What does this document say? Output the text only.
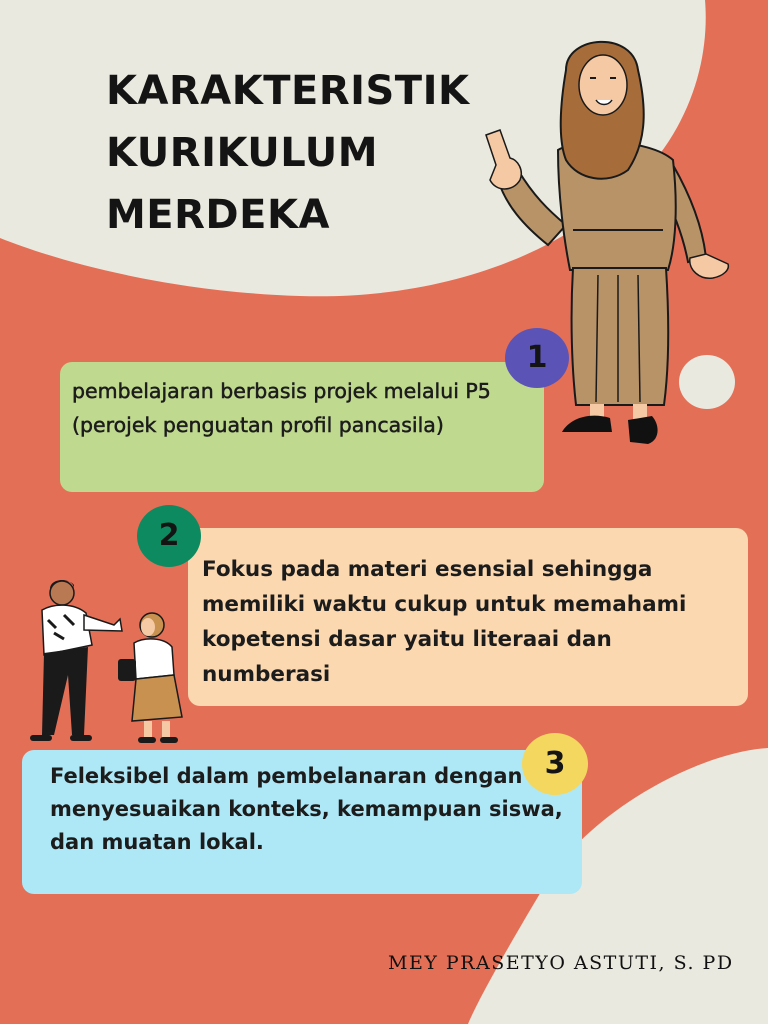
KARAKTERISTIK
KURIKULUM
MERDEKA

pembelajaran berbasis projek melalui P5 (perojek penguatan profil pancasila)

1

Fokus pada materi esensial sehingga memiliki waktu cukup untuk memahami kopetensi dasar yaitu literaai dan numberasi

2

Feleksibel dalam pembelanaran dengan menyesuaikan konteks, kemampuan siswa, dan muatan lokal.

3
MEY PRASETYO ASTUTI, S. PD
